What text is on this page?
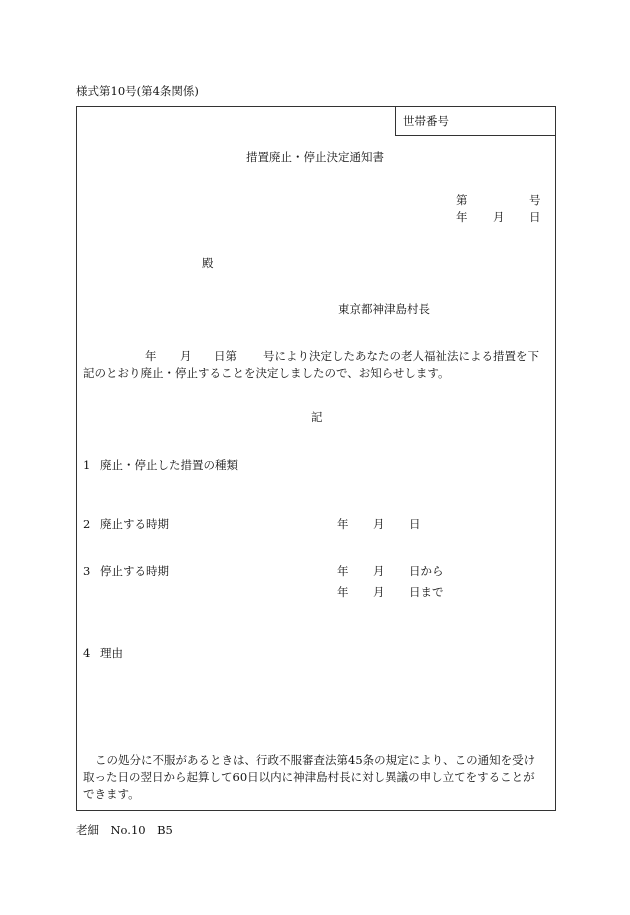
様式第10号(第4条関係)
世帯番号
措置廃止・停止決定通知書
第	号
年 月 日
殿
東京都神津島村長
年 月 日第 号により決定したあなたの老人福祉法による措置を下
記のとおり廃止・停止することを決定しましたので、お知らせします。
記
1 廃止・停止した措置の種類
2 廃止する時期	年 月 日
3 停止する時期	年 月 日から
年 月 日まで
4 理由
この処分に不服があるときは、行政不服審査法第45条の規定により、この通知を受け
取った日の翌日から起算して60日以内に神津島村長に対し異議の申し立てをすることが
できます。
老細　No.10　B5
